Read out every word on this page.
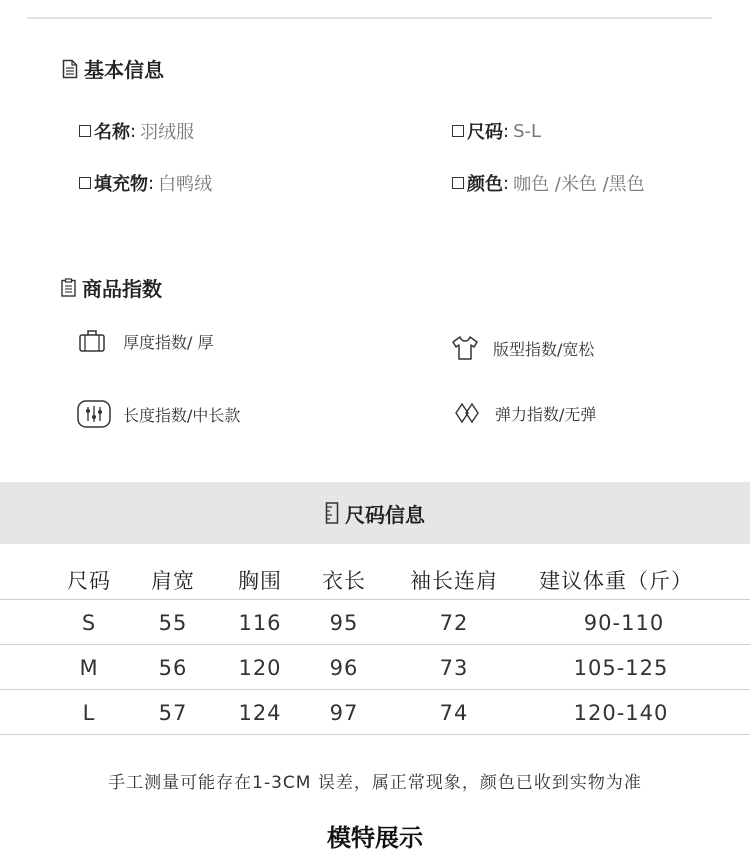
基本信息
名称 : 羽绒服	尺码 : S-L
填充物 : 白鸭绒	颜色 : 咖色 /米色 /黑色
商品指数
厚度指数/ 厚	版型指数/宽松
长度指数/中长款	弹力指数/无弹
尺码信息
尺码 肩宽 胸围 衣长 袖长连肩 建议体重（斤）
S	55 116 95	72	90-110
M	56 120 96	73	105-125
L	57 124 97	74	120-140
手工测量可能存在1-3CM 误差，属正常现象，颜色已收到实物为准
模特展示
